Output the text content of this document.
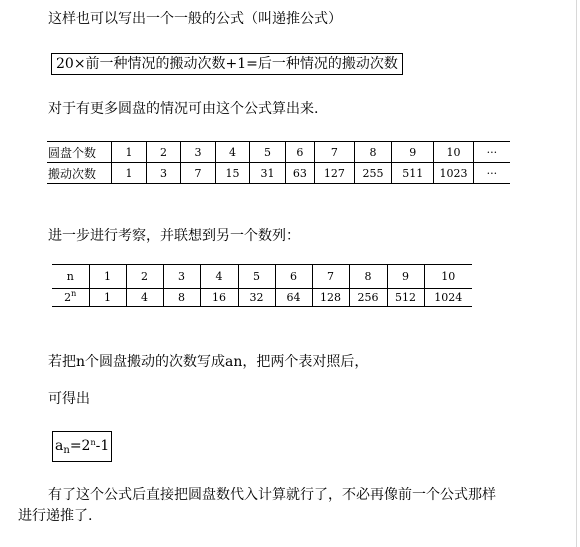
这样也可以写出一个一般的公式（叫递推公式）
20×前一种情况的搬动次数+1=后一种情况的搬动次数
对于有更多圆盘的情况可由这个公式算出来.
圆盘个数	1	2	3	4	5	6	7	8	9	10	···
搬动次数	1	3	7	15	31	63	127	255	511	1023	···
进一步进行考察，并联想到另一个数列：
n	1	2	3	4	5	6	7	8	9	10
2$^n$	1	4	8	16	32	64	128	256	512	1024
若把n个圆盘搬动的次数写成an，把两个表对照后，
可得出
$a_n=2^n-1$
有了这个公式后直接把圆盘数代入计算就行了，不必再像前一个公式那样
进行递推了.
